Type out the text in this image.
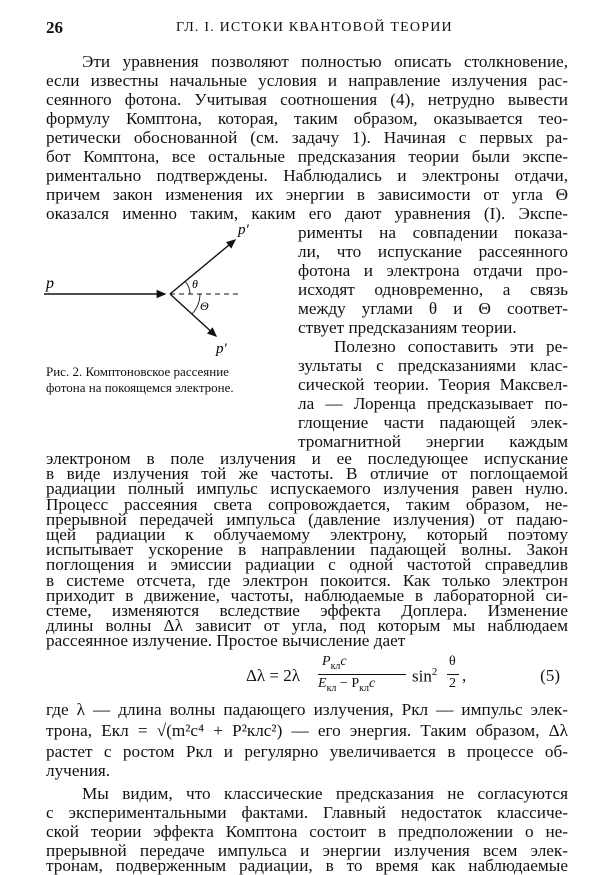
26	ГЛ. I. ИСТОКИ КВАНТОВОЙ ТЕОРИИ
Эти уравнения позволяют полностью описать столкновение,
если известны начальные условия и направление излучения рас-
сеянного фотона. Учитывая соотношения (4), нетрудно вывести
формулу Комптона, которая, таким образом, оказывается тео-
ретически обоснованной (см. задачу 1). Начиная с первых ра-
бот Комптона, все остальные предсказания теории были экспе-
риментально подтверждены. Наблюдались и электроны отдачи,
причем закон изменения их энергии в зависимости от угла Θ
оказался именно таким, каким его дают уравнения (I). Экспе-
рименты на совпадении показа-
ли, что испускание рассеянного
фотона и электрона отдачи про-
исходят одновременно, а связь
между углами θ и Θ соответ-
ствует предсказаниям теории.
Полезно сопоставить эти ре-
зультаты с предсказаниями клас-
сической теории. Теория Максвел-
ла — Лоренца предсказывает по-
глощение части падающей элек-
тромагнитной энергии каждым
p
p′
p′
θ
Θ
Рис. 2. Комптоновское рассеяние
фотона на покоящемся электроне.
электроном в поле излучения и ее последующее испускание
в виде излучения той же частоты. В отличие от поглощаемой
радиации полный импульс испускаемого излучения равен нулю.
Процесс рассеяния света сопровождается, таким образом, не-
прерывной передачей импульса (давление излучения) от падаю-
щей радиации к облучаемому электрону, который поэтому
испытывает ускорение в направлении падающей волны. Закон
поглощения и эмиссии радиации с одной частотой справедлив
в системе отсчета, где электрон покоится. Как только электрон
приходит в движение, частоты, наблюдаемые в лабораторной си-
стеме, изменяются вследствие эффекта Доплера. Изменение
Δλ = 2λ
$P_{кл}c$
$E_{кл} - P_{кл}c$ $\sin^2$
θ
2 ,	(5)
где λ — длина волны падающего излучения, Pкл — импульс элек-
трона, Eкл = √(m²c⁴ + P²клc²) — его энергия. Таким образом, Δλ
растет с ростом Pкл и регулярно увеличивается в процессе об-
лучения.
Мы видим, что классические предсказания не согласуются
с экспериментальными фактами. Главный недостаток классиче-
ской теории эффекта Комптона состоит в предположении о не-
прерывной передаче импульса и энергии излучения всем элек-
тронам, подверженным радиации, в то время как наблюдаемые
длины волны Δλ зависит от угла, под которым мы наблюдаем
рассеянное излучение. Простое вычисление дает
